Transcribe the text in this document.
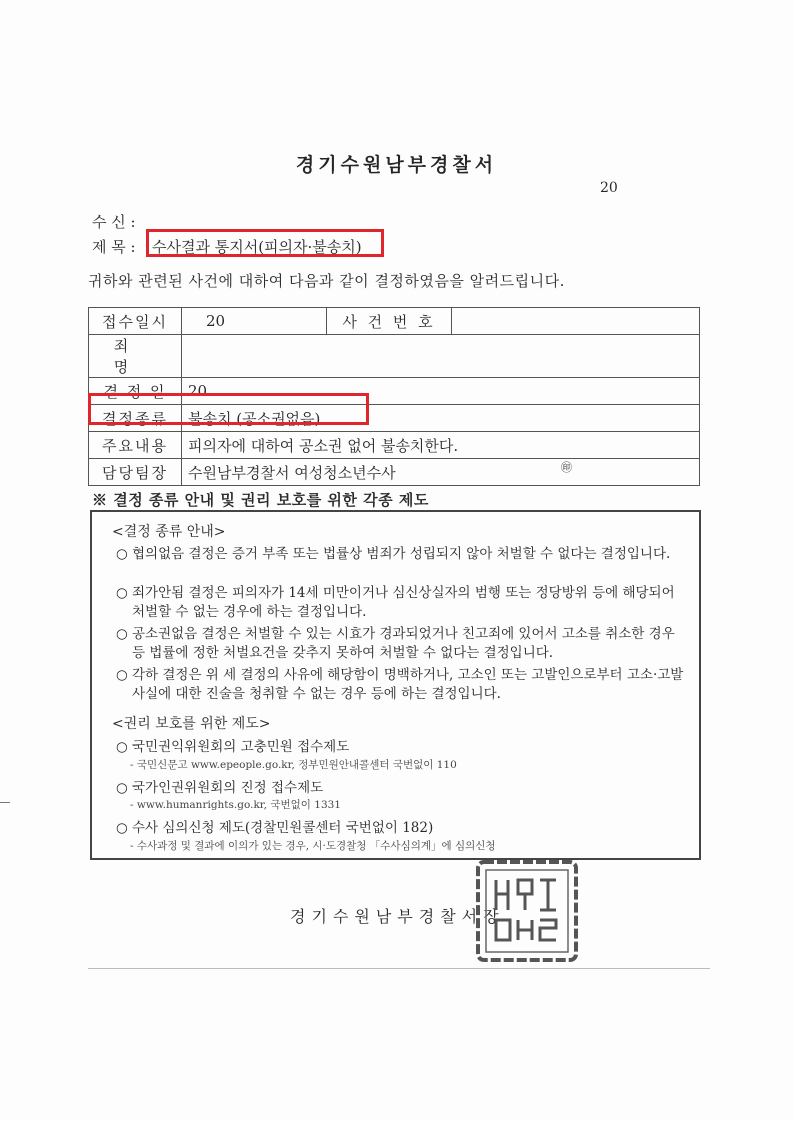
경기수원남부경찰서
20
수 신 :
제 목 : 수사결과 통지서(피의자·불송치)
귀하와 관련된 사건에 대하여 다음과 같이 결정하였음을 알려드립니다.
접수일시	20	사 건 번 호	
죄 명			
결 정 일	20		
결정종류	불송치 (공소권없음)		
주요내용	피의자에 대하여 공소권 없어 불송치한다.		
담당팀장	수원남부경찰서 여성청소년수사			㊞
※ 결정 종류 안내 및 권리 보호를 위한 각종 제도
<결정 종류 안내>
○ 협의없음 결정은 증거 부족 또는 법률상 범죄가 성립되지 않아 처벌할 수 없다는 결정입니다.
○ 죄가안됨 결정은 피의자가 14세 미만이거나 심신상실자의 범행 또는 정당방위 등에 해당되어 처벌할 수 없는 경우에 하는 결정입니다.
○ 공소권없음 결정은 처벌할 수 있는 시효가 경과되었거나 친고죄에 있어서 고소를 취소한 경우 등 법률에 정한 처벌요건을 갖추지 못하여 처벌할 수 없다는 결정입니다.
○ 각하 결정은 위 세 결정의 사유에 해당함이 명백하거나, 고소인 또는 고발인으로부터 고소·고발 사실에 대한 진술을 청취할 수 없는 경우 등에 하는 결정입니다.
<권리 보호를 위한 제도>
○ 국민권익위원회의 고충민원 접수제도
- 국민신문고 www.epeople.go.kr, 정부민원안내콜센터 국번없이 110
○ 국가인권위원회의 진정 접수제도
- www.humanrights.go.kr, 국번없이 1331
○ 수사 심의신청 제도(경찰민원콜센터 국번없이 182)
- 수사과정 및 결과에 이의가 있는 경우, 시·도경찰청 「수사심의계」에 심의신청
경기수원남부경찰서장
